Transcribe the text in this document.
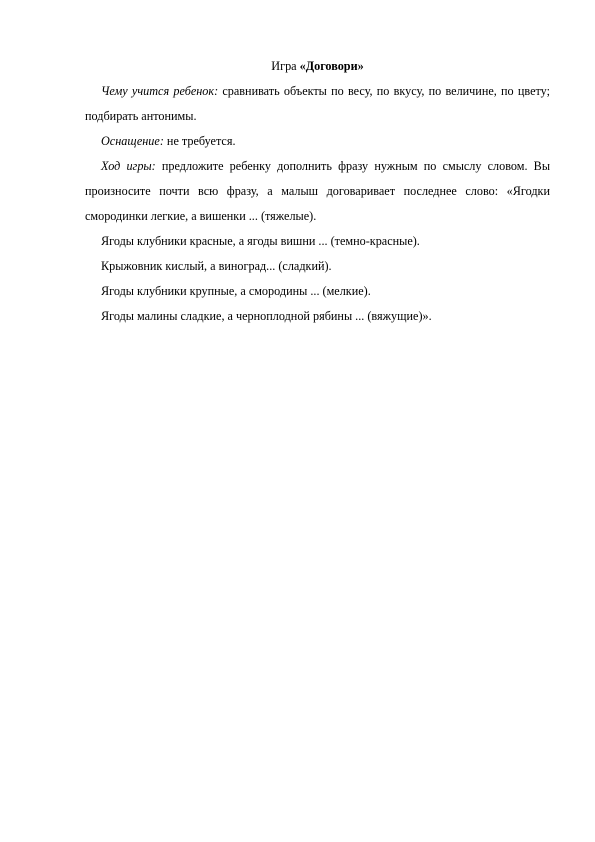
Игра «Договори»

Чему учится ребенок: сравнивать объекты по весу, по вкусу, по величине, по цвету; подбирать антонимы.

Оснащение: не требуется.

Ход игры: предложите ребенку дополнить фразу нужным по смыслу словом. Вы произносите почти всю фразу, а малыш договаривает последнее слово: «Ягодки смородинки легкие, а вишенки ... (тяжелые).

Ягоды клубники красные, а ягоды вишни ... (темно-красные).

Крыжовник кислый, а виноград... (сладкий).

Ягоды клубники крупные, а смородины ... (мелкие).

Ягоды малины сладкие, а черноплодной рябины ... (вяжущие)».
